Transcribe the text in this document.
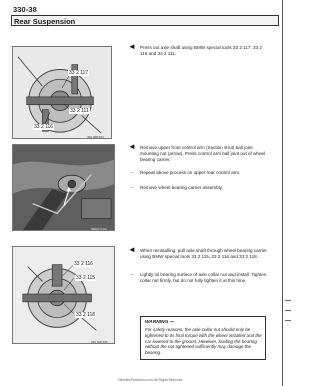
330-38
Rear Suspension
33 2 117
33 2 111
33 2 116
330 008 664
33010 0 RA
33 2 116
33 2 115
33 2 118
330 009 665
◄ Press out axle shaft using BMW special tools 33 2 117, 33 2 116 and 33 2 111.
◄ Remove upper front control arm (traction strut) ball joint mounting nut (arrow). Press control arm ball joint out of wheel bearing carrier.
– Repeat above process on upper rear control arm.
– Remove wheel bearing carrier assembly.
◄ When reinstalling, pull axle shaft through wheel bearing carrier using BMW special tools 33 2 115, 33 2 116 and 33 2 118.
– Lightly oil bearing surface of axle collar nut and install. Tighten collar nut firmly, but do not fully tighten it at this time.
WARNING —
For safety reasons, the axle collar nut should only be tightened to its final torque with the wheel installed and the car lowered to the ground. However, loading the bearing without the nut tightened sufficiently may damage the bearing.
©BentleyPublishers.com–All Rights Reserved
